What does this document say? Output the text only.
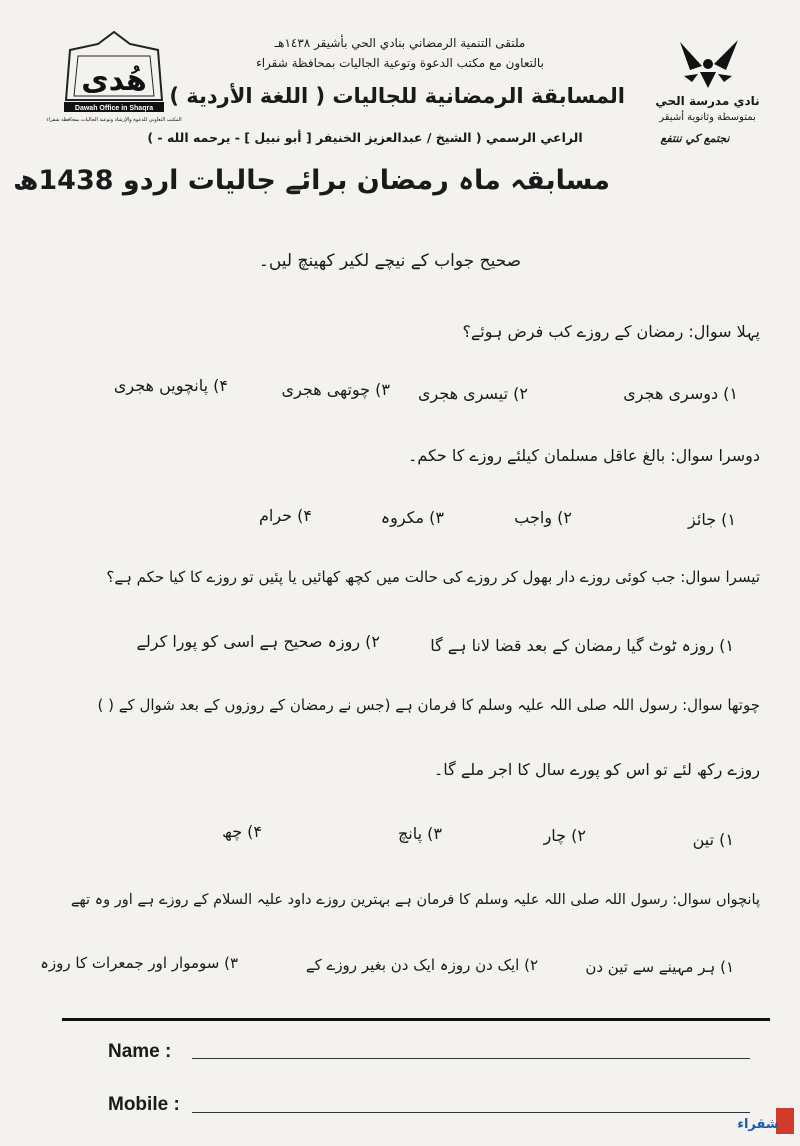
هُدى
Dawah Office in Shaqra
المكتب التعاوني للدعوة والإرشاد وتوعية الجاليات بمحافظة شقراء
نادي مدرسة الحي
بمتوسطة وثانوية أشيقر
نجتمع كي ننتفع
ملتقى التنمية الرمضاني بنادي الحي بأشيقر ١٤٣٨هـ
بالتعاون مع مكتب الدعوة وتوعية الجاليات بمحافظة شقراء
المسابقة الرمضانية للجاليات ( اللغة الأردية )
الراعي الرسمي ( الشيخ / عبدالعزيز الخنيفر [ أبو نبيل ] - يرحمه الله - )
مسابقہ ماہ رمضان برائے جالیات اردو 1438ھ
صحیح جواب کے نیچے لکیر کھینچ لیں۔
پہلا سوال: رمضان کے روزے کب فرض ہوئے؟
۱) دوسری ھجری
۲) تیسری ھجری
۳) چوتھی ھجری
۴) پانچویں ھجری
دوسرا سوال: بالغ عاقل مسلمان کیلئے روزے کا حکم۔
۱) جائز
۲) واجب
۳) مکروہ
۴) حرام
تیسرا سوال: جب کوئی روزے دار بھول کر روزے کی حالت میں کچھ کھائیں یا پئیں تو روزے کا کیا حکم ہے؟
۱) روزہ ٹوٹ گیا رمضان کے بعد قضا لانا ہے گا
۲) روزہ صحیح ہے اسی کو پورا کرلے
چوتھا سوال: رسول اللہ صلی اللہ علیہ وسلم کا فرمان ہے (جس نے رمضان کے روزوں کے بعد شوال کے ( )
روزے رکھ لئے تو اس کو پورے سال کا اجر ملے گا۔
۱) تین
۲) چار
۳) پانچ
۴) چھ
پانچواں سوال: رسول اللہ صلی اللہ علیہ وسلم کا فرمان ہے بہترین روزے داود علیہ السلام کے روزے ہے اور وہ تھے
۱) ہر مہینے سے تین دن
۲) ایک دن روزہ ایک دن بغیر روزے کے
۳) سوموار اور جمعرات کا روزہ
Name :
Mobile :
شقراء
